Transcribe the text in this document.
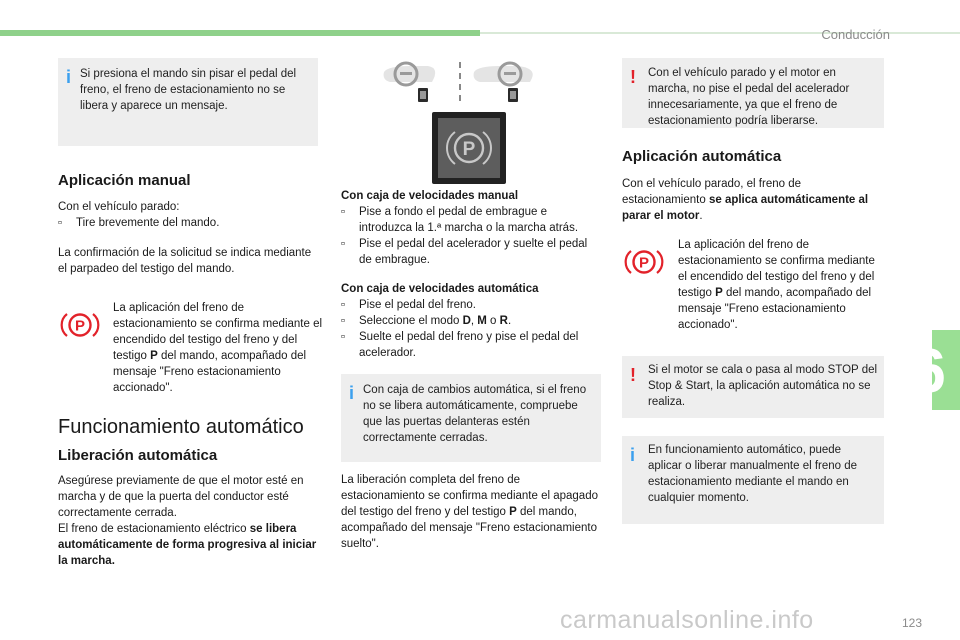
Conducción
6
carmanualsonline.info	123
i Si presiona el mando sin pisar el pedal del freno, el freno de estacionamiento no se libera y aparece un mensaje.

Aplicación manual

Con el vehículo parado:

▫ Tire brevemente del mando.

La confirmación de la solicitud se indica mediante el parpadeo del testigo del mando.

P

La aplicación del freno de estacionamiento se confirma mediante el encendido del testigo del freno y del testigo P del mando, acompañado del mensaje "Freno estacionamiento accionado".

Funcionamiento automático
Liberación automática

Asegúrese previamente de que el motor esté en marcha y de que la puerta del conductor esté correctamente cerrada.

El freno de estacionamiento eléctrico se libera automáticamente de forma progresiva al iniciar la marcha.

P

Con caja de velocidades manual

▫ Pise a fondo el pedal de embrague e introduzca la 1.ª marcha o la marcha atrás.
▫ Pise el pedal del acelerador y suelte el pedal de embrague.

Con caja de velocidades automática

▫ Pise el pedal del freno.
▫ Seleccione el modo D, M o R.
▫ Suelte el pedal del freno y pise el pedal del acelerador.
i Con caja de cambios automática, si el freno no se libera automáticamente, compruebe que las puertas delanteras estén correctamente cerradas.

La liberación completa del freno de estacionamiento se confirma mediante el apagado del testigo del freno y del testigo P del mando, acompañado del mensaje "Freno estacionamiento suelto".

! Con el vehículo parado y el motor en marcha, no pise el pedal del acelerador innecesariamente, ya que el freno de estacionamiento podría liberarse.

Aplicación automática

Con el vehículo parado, el freno de estacionamiento se aplica automáticamente al parar el motor.

P

La aplicación del freno de estacionamiento se confirma mediante el encendido del testigo del freno y del testigo P del mando, acompañado del mensaje "Freno estacionamiento accionado".

! Si el motor se cala o pasa al modo STOP del Stop & Start, la aplicación automática no se realiza.

i En funcionamiento automático, puede aplicar o liberar manualmente el freno de estacionamiento mediante el mando en cualquier momento.
